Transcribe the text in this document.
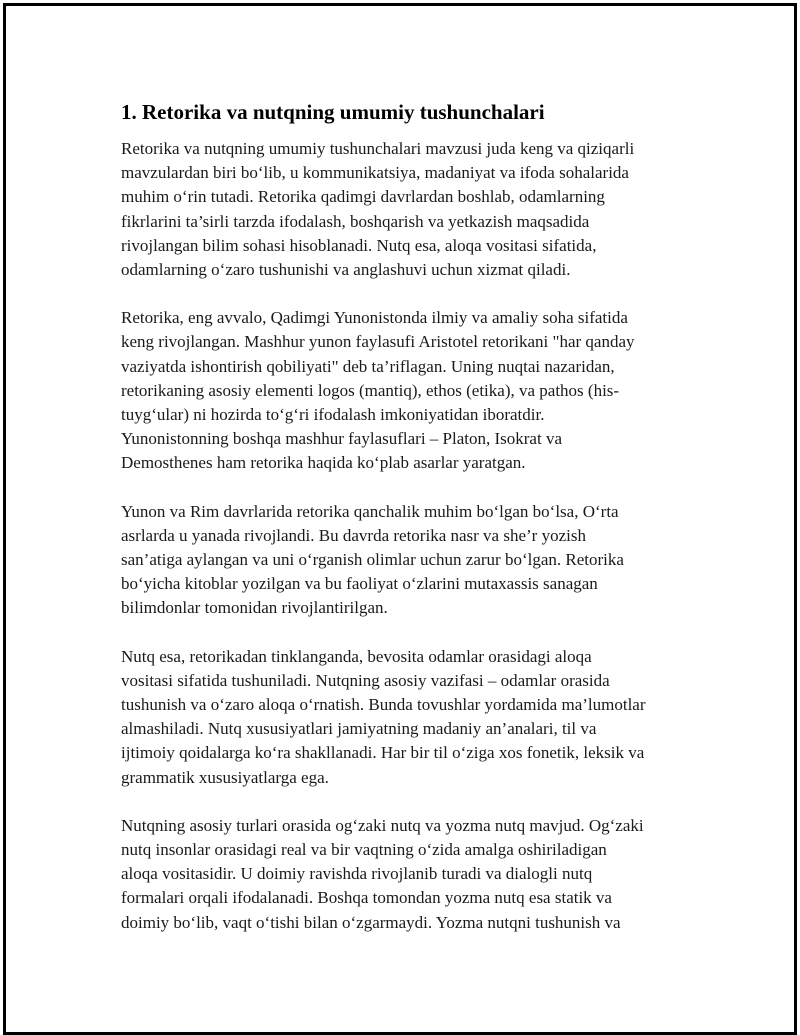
1. Retorika va nutqning umumiy tushunchalari

Retorika va nutqning umumiy tushunchalari mavzusi juda keng va qiziqarli
mavzulardan biri bo‘lib, u kommunikatsiya, madaniyat va ifoda sohalarida
muhim o‘rin tutadi. Retorika qadimgi davrlardan boshlab, odamlarning
fikrlarini ta’sirli tarzda ifodalash, boshqarish va yetkazish maqsadida
rivojlangan bilim sohasi hisoblanadi. Nutq esa, aloqa vositasi sifatida,
odamlarning o‘zaro tushunishi va anglashuvi uchun xizmat qiladi.

Retorika, eng avvalo, Qadimgi Yunonistonda ilmiy va amaliy soha sifatida
keng rivojlangan. Mashhur yunon faylasufi Aristotel retorikani "har qanday
vaziyatda ishontirish qobiliyati" deb ta’riflagan. Uning nuqtai nazaridan,
retorikaning asosiy elementi logos (mantiq), ethos (etika), va pathos (his-
tuyg‘ular) ni hozirda to‘g‘ri ifodalash imkoniyatidan iboratdir.
Yunonistonning boshqa mashhur faylasuflari – Platon, Isokrat va
Demosthenes ham retorika haqida ko‘plab asarlar yaratgan.

Yunon va Rim davrlarida retorika qanchalik muhim bo‘lgan bo‘lsa, O‘rta
asrlarda u yanada rivojlandi. Bu davrda retorika nasr va she’r yozish
san’atiga aylangan va uni o‘rganish olimlar uchun zarur bo‘lgan. Retorika
bo‘yicha kitoblar yozilgan va bu faoliyat o‘zlarini mutaxassis sanagan
bilimdonlar tomonidan rivojlantirilgan.

Nutq esa, retorikadan tinklanganda, bevosita odamlar orasidagi aloqa
vositasi sifatida tushuniladi. Nutqning asosiy vazifasi – odamlar orasida
tushunish va o‘zaro aloqa o‘rnatish. Bunda tovushlar yordamida ma’lumotlar
almashiladi. Nutq xususiyatlari jamiyatning madaniy an’analari, til va
ijtimoiy qoidalarga ko‘ra shakllanadi. Har bir til o‘ziga xos fonetik, leksik va
grammatik xususiyatlarga ega.

Nutqning asosiy turlari orasida og‘zaki nutq va yozma nutq mavjud. Og‘zaki
nutq insonlar orasidagi real va bir vaqtning o‘zida amalga oshiriladigan
aloqa vositasidir. U doimiy ravishda rivojlanib turadi va dialogli nutq
formalari orqali ifodalanadi. Boshqa tomondan yozma nutq esa statik va
doimiy bo‘lib, vaqt o‘tishi bilan o‘zgarmaydi. Yozma nutqni tushunish va
